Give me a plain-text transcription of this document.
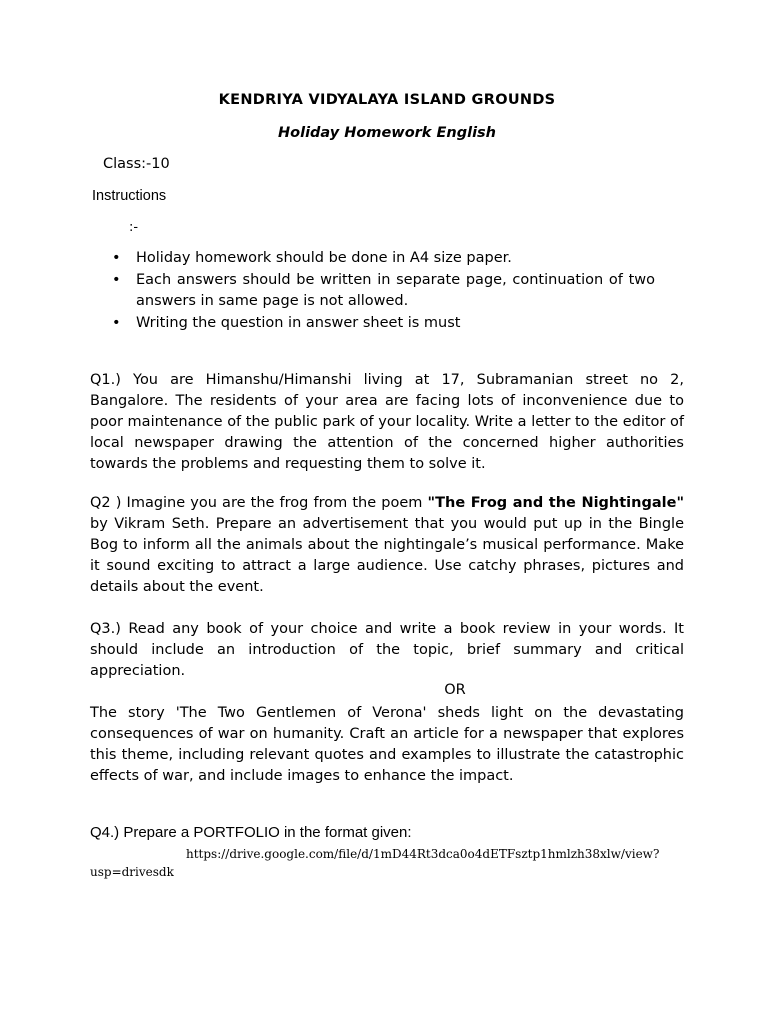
KENDRIYA VIDYALAYA ISLAND GROUNDS
Holiday Homework English
Class:-10
Instructions
:-
• Holiday homework should be done in A4 size paper.
• Each answers should be written in separate page, continuation of two answers in same page is not allowed.
• Writing the question in answer sheet is must
Q1.) You are Himanshu/Himanshi living at 17, Subramanian street no 2, Bangalore. The residents of your area are facing lots of inconvenience due to poor maintenance of the public park of your locality. Write a letter to the editor of local newspaper drawing the attention of the concerned higher authorities towards the problems and requesting them to solve it.
Q2 ) Imagine you are the frog from the poem "The Frog and the Nightingale" by Vikram Seth. Prepare an advertisement that you would put up in the Bingle Bog to inform all the animals about the nightingale’s musical performance. Make it sound exciting to attract a large audience. Use catchy phrases, pictures and details about the event.
Q3.) Read any book of your choice and write a book review in your words. It should include an introduction of the topic, brief summary and critical appreciation.
OR
The story 'The Two Gentlemen of Verona' sheds light on the devastating consequences of war on humanity. Craft an article for a newspaper that explores this theme, including relevant quotes and examples to illustrate the catastrophic effects of war, and include images to enhance the impact.
Q4.) Prepare a PORTFOLIO in the format given:
https://drive.google.com/file/d/1mD44Rt3dca0o4dETFsztp1hmlzh38xlw/view?usp=drivesdk
